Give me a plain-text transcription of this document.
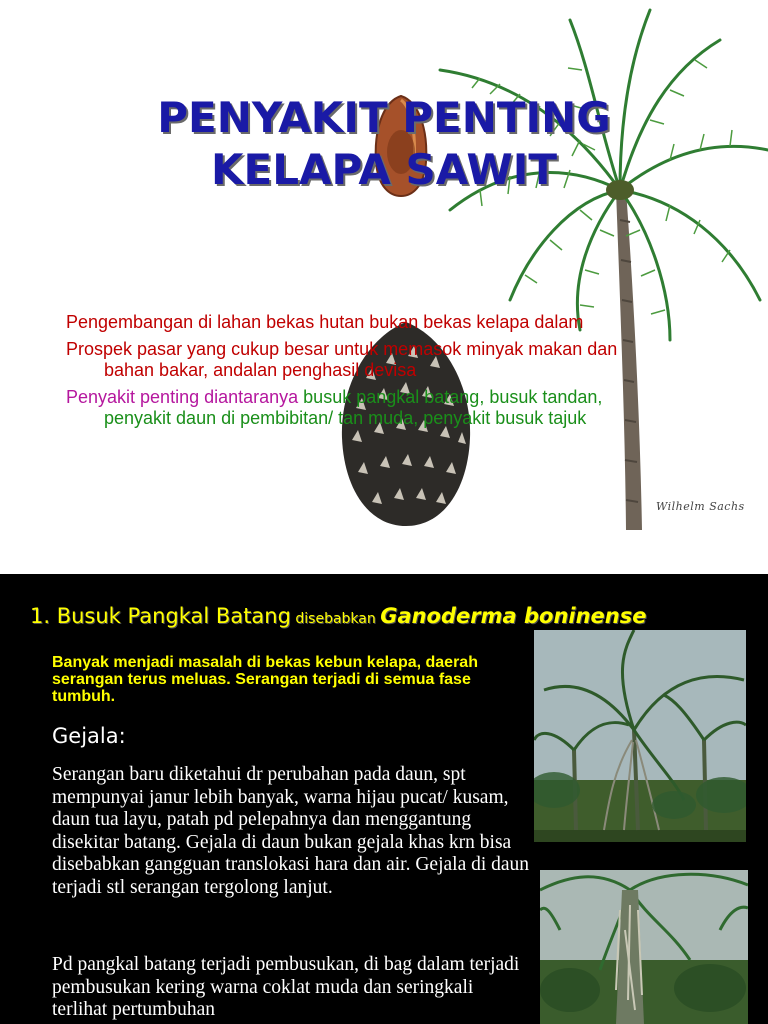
Wilhelm Sachs
PENYAKIT PENTING
KELAPA SAWIT
Pengembangan di lahan bekas hutan bukan bekas kelapa dalam
Prospek pasar yang cukup besar untuk memasok minyak makan dan bahan bakar, andalan penghasil devisa
Penyakit penting diantaranya busuk pangkal batang, busuk tandan, penyakit daun di pembibitan/ tan muda, penyakit busuk tajuk
1. Busuk Pangkal Batang disebabkan Ganoderma boninense
Banyak menjadi masalah di bekas kebun kelapa, daerah serangan terus meluas. Serangan terjadi di semua fase tumbuh.
Gejala:
Serangan baru diketahui dr perubahan pada daun, spt mempunyai janur lebih banyak, warna hijau pucat/ kusam, daun tua layu, patah pd pelepahnya dan menggantung disekitar batang. Gejala di daun bukan gejala khas krn bisa disebabkan gangguan translokasi hara dan air. Gejala di daun terjadi stl serangan tergolong lanjut.
Pd pangkal batang terjadi pembusukan, di bag dalam terjadi pembusukan kering warna coklat muda dan seringkali terlihat pertumbuhan
